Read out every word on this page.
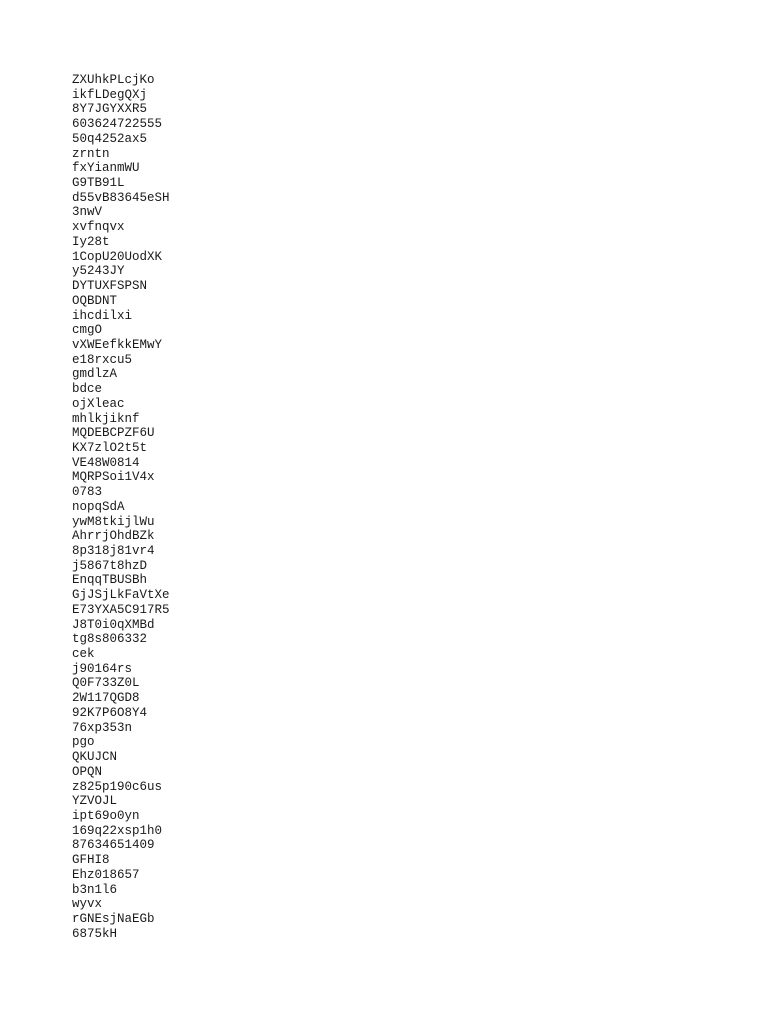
ZXUhkPLcjKo
ikfLDegQXj
8Y7JGYXXR5
603624722555
50q4252ax5
zrntn
fxYianmWU
G9TB91L
d55vB83645eSH
3nwV
xvfnqvx
Iy28t
1CopU20UodXK
y5243JY
DYTUXFSPSN
OQBDNT
ihcdilxi
cmgO
vXWEefkkEMwY
e18rxcu5
gmdlzA
bdce
ojXleac
mhlkjiknf
MQDEBCPZF6U
KX7zlO2t5t
VE48W0814
MQRPSoi1V4x
0783
nopqSdA
ywM8tkijlWu
AhrrjOhdBZk
8p318j81vr4
j5867t8hzD
EnqqTBUSBh
GjJSjLkFaVtXe
E73YXA5C917R5
J8T0i0qXMBd
tg8s806332
cek
j90164rs
Q0F733Z0L
2W117QGD8
92K7P6O8Y4
76xp353n
pgo
QKUJCN
OPQN
z825p190c6us
YZVOJL
ipt69o0yn
169q22xsp1h0
87634651409
GFHI8
Ehz018657
b3n1l6
wyvx
rGNEsjNaEGb
6875kH
